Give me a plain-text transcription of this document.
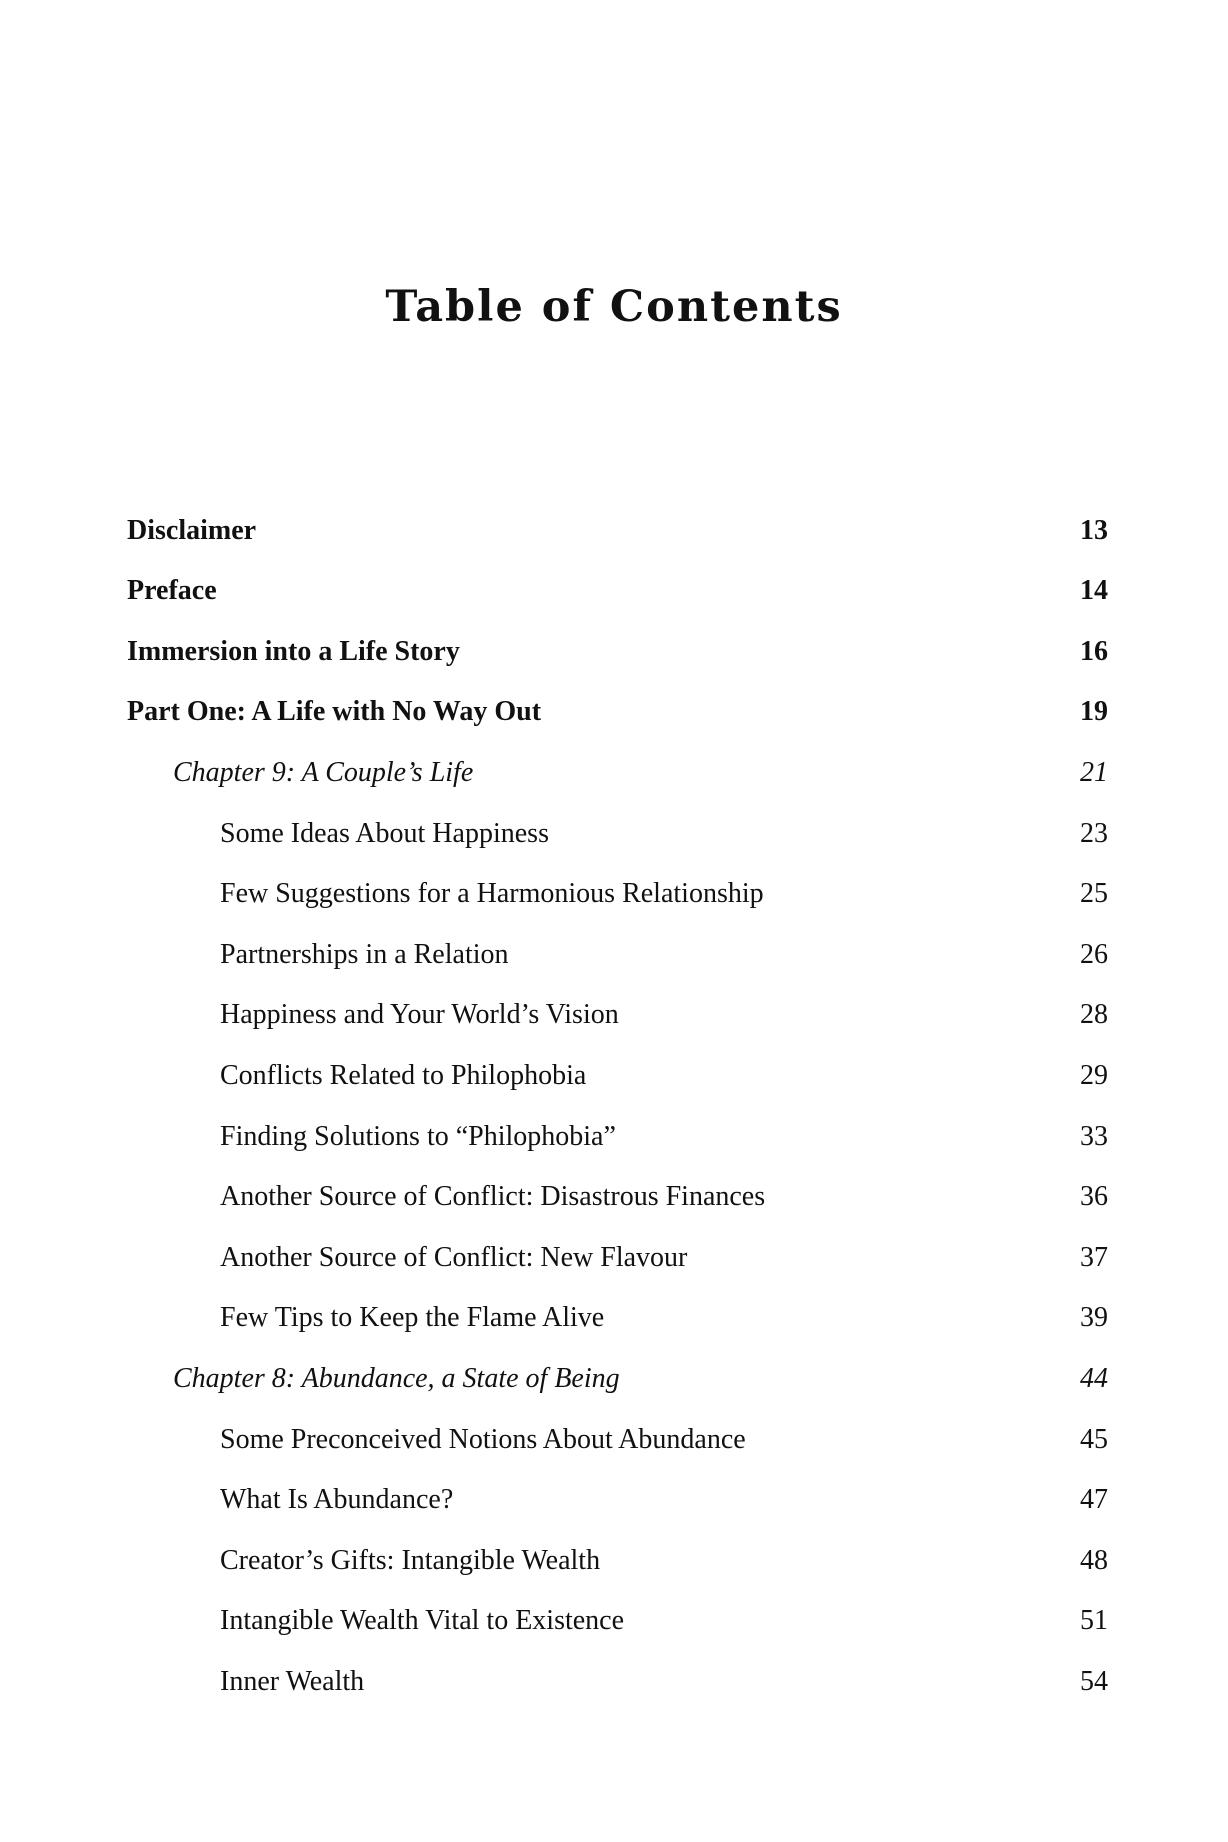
Table of Contents
Disclaimer	13
Preface	14
Immersion into a Life Story	16
Part One: A Life with No Way Out	19
Chapter 9: A Couple’s Life	21
Some Ideas About Happiness	23
Few Suggestions for a Harmonious Relationship	25
Partnerships in a Relation	26
Happiness and Your World’s Vision	28
Conflicts Related to Philophobia	29
Finding Solutions to “Philophobia”	33
Another Source of Conflict: Disastrous Finances	36
Another Source of Conflict: New Flavour	37
Few Tips to Keep the Flame Alive	39
Chapter 8: Abundance, a State of Being	44
Some Preconceived Notions About Abundance	45
What Is Abundance?	47
Creator’s Gifts: Intangible Wealth	48
Intangible Wealth Vital to Existence	51
Inner Wealth	54
